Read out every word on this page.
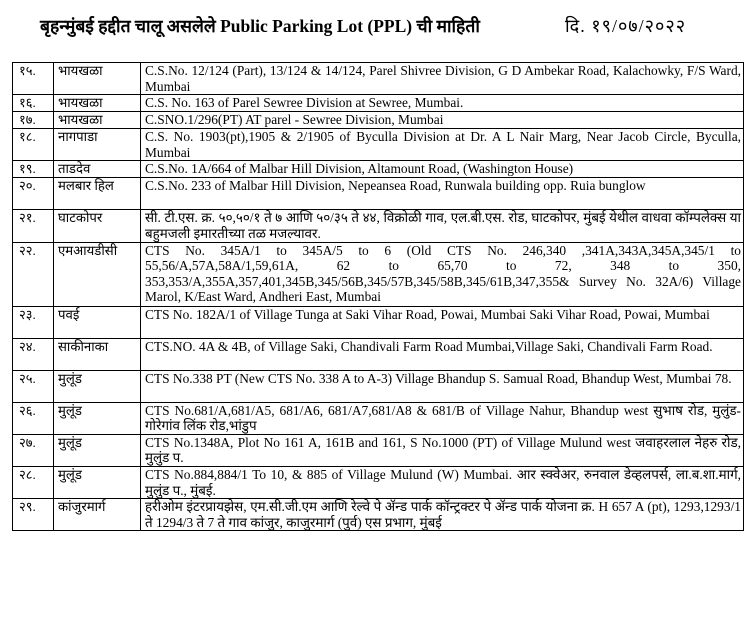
बृहन्मुंबई हद्दीत चालू असलेले Public Parking Lot (PPL) ची माहिती	दि. १९/०७/२०२२
१५.	भायखळा	C.S.No. 12/124 (Part), 13/124 & 14/124, Parel Shivree Division, G D Ambekar Road, Kalachowky, F/S Ward, Mumbai
१६.	भायखळा	C.S. No. 163 of Parel Sewree Division at Sewree, Mumbai.
१७.	भायखळा	C.SNO.1/296(PT) AT parel - Sewree Division, Mumbai
१८.	नागपाडा	C.S. No. 1903(pt),1905 & 2/1905 of Byculla Division at Dr. A L Nair Marg, Near Jacob Circle, Byculla, Mumbai
१९.	ताडदेव	C.S.No. 1A/664 of Malbar Hill Division, Altamount Road, (Washington House)
२०.	मलबार हिल	C.S.No. 233 of Malbar Hill Division, Nepeansea Road, Runwala building opp. Ruia bunglow
२१.	घाटकोपर	सी. टी.एस. क्र. ५०,५०/१ ते ७ आणि ५०/३५ ते ४४, विक्रोळी गाव, एल.बी.एस. रोड, घाटकोपर, मुंबई येथील वाधवा कॉम्पलेक्स या बहुमजली इमारतीच्या तळ मजल्यावर.
२२.	एमआयडीसी	CTS No. 345A/1 to 345A/5 to 6 (Old CTS No. 246,340 ,341A,343A,345A,345/1 to 55,56/A,57A,58A/1,59,61A, 62 to 65,70 to 72, 348 to 350, 353,353/A,355A,357,401,345B,345/56B,345/57B,345/58B,345/61B,347,355& Survey No. 32A/6) Village Marol, K/East Ward, Andheri East, Mumbai
२३.	पवई	CTS No. 182A/1 of Village Tunga at Saki Vihar Road, Powai, Mumbai Saki Vihar Road, Powai, Mumbai
२४.	साकीनाका	CTS.NO. 4A & 4B, of Village Saki, Chandivali Farm Road Mumbai,Village Saki, Chandivali Farm Road.
२५.	मुलूंड	CTS No.338 PT (New CTS No. 338 A to A-3) Village Bhandup S. Samual Road, Bhandup West, Mumbai 78.
२६.	मुलूंड	CTS No.681/A,681/A5, 681/A6, 681/A7,681/A8 & 681/B of Village Nahur, Bhandup west सुभाष रोड, मुलुंड-गोरेगांव लिंक रोड,भांडुप
२७.	मुलूंड	CTS No.1348A, Plot No 161 A, 161B and 161, S No.1000 (PT) of Village Mulund west जवाहरलाल नेहरु रोड, मुलुंड प.
२८.	मुलूंड	CTS No.884,884/1 To 10, & 885 of Village Mulund (W) Mumbai. आर स्क्वेअर, रुनवाल डेव्हलपर्स, ला.ब.शा.मार्ग, मुलुंड प., मुंबई.
२९.	कांजुरमार्ग	हरीओम इंटरप्रायझेस, एम.सी.जी.एम आणि रेल्वे पे ॲन्ड पार्क कॉन्ट्रक्टर पे ॲन्ड पार्क योजना क्र. H 657 A (pt), 1293,1293/1 ते 1294/3 ते 7 ते गाव कांजुर, काजुरमार्ग (पुर्व) एस प्रभाग, मुंबई
